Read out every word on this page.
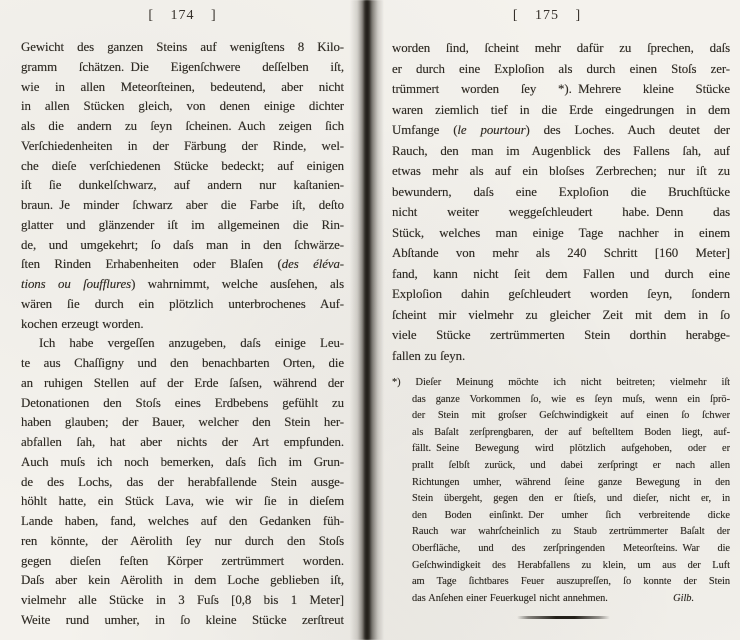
[ 174 ]
Gewicht des ganzen Steins auf wenigſtens 8 Kilo-
gramm ſchätzen. Die Eigenſchwere deſſelben iſt,
wie in allen Meteorſteinen, bedeutend, aber nicht
in allen Stücken gleich, von denen einige dichter
als die andern zu ſeyn ſcheinen. Auch zeigen ſich
Verſchiedenheiten in der Färbung der Rinde, wel-
che dieſe verſchiedenen Stücke bedeckt; auf einigen
iſt ſie dunkelſchwarz, auf andern nur kaſtanien-
braun. Je minder ſchwarz aber die Farbe iſt, deſto
glatter und glänzender iſt im allgemeinen die Rin-
de, und umgekehrt; ſo daſs man in den ſchwärze-
ſten Rinden Erhabenheiten oder Blaſen (des éléva-
tions ou ſoufflures) wahrnimmt, welche ausſehen, als
wären ſie durch ein plötzlich unterbrochenes Auf-
kochen erzeugt worden.
Ich habe vergeſſen anzugeben, daſs einige Leu-
te aus Chaſſigny und den benachbarten Orten, die
an ruhigen Stellen auf der Erde ſaſsen, während der
Detonationen den Stoſs eines Erdbebens gefühlt zu
haben glauben; der Bauer, welcher den Stein her-
abfallen ſah, hat aber nichts der Art empfunden.
Auch muſs ich noch bemerken, daſs ſich im Grun-
de des Lochs, das der herabfallende Stein ausge-
höhlt hatte, ein Stück Lava, wie wir ſie in dieſem
Lande haben, fand, welches auf den Gedanken füh-
ren könnte, der Aërolith ſey nur durch den Stoſs
gegen dieſen feſten Körper zertrümmert worden.
Daſs aber kein Aërolith in dem Loche geblieben iſt,
vielmehr alle Stücke in 3 Fuſs [0,8 bis 1 Meter]
Weite rund umher, in ſo kleine Stücke zerſtreut
[ 175 ]
worden ſind, ſcheint mehr dafür zu ſprechen, daſs
er durch eine Exploſion als durch einen Stoſs zer-
trümmert worden ſey *). Mehrere kleine Stücke
waren ziemlich tief in die Erde eingedrungen in dem
Umfange (le pourtour) des Loches. Auch deutet der
Rauch, den man im Augenblick des Fallens ſah, auf
etwas mehr als auf ein bloſses Zerbrechen; nur iſt zu
bewundern, daſs eine Exploſion die Bruchſtücke
nicht weiter weggeſchleudert habe. Denn das
Stück, welches man einige Tage nachher in einem
Abſtande von mehr als 240 Schritt [160 Meter]
fand, kann nicht ſeit dem Fallen und durch eine
Exploſion dahin geſchleudert worden ſeyn, ſondern
ſcheint mir vielmehr zu gleicher Zeit mit dem in ſo
viele Stücke zertrümmerten Stein dorthin herabge-
fallen zu ſeyn.
*) Dieſer Meinung möchte ich nicht beitreten; vielmehr iſt
das ganze Vorkommen ſo, wie es ſeyn muſs, wenn ein ſprö-
der Stein mit groſser Geſchwindigkeit auf einen ſo ſchwer
als Baſalt zerſprengbaren, der auf beſtelltem Boden liegt, auf-
fällt. Seine Bewegung wird plötzlich aufgehoben, oder er
prallt ſelbſt zurück, und dabei zerſpringt er nach allen
Richtungen umher, während ſeine ganze Bewegung in den
Stein übergeht, gegen den er ſtieſs, und dieſer, nicht er, in
den Boden einſinkt. Der umher ſich verbreitende dicke
Rauch war wahrſcheinlich zu Staub zertrümmerter Baſalt der
Oberfläche, und des zerſpringenden Meteorſteins. War die
Geſchwindigkeit des Herabfallens zu klein, um aus der Luft
am Tage ſichtbares Feuer auszupreſſen, ſo konnte der Stein
das Anſehen einer Feuerkugel nicht annehmen.	Gilb.
